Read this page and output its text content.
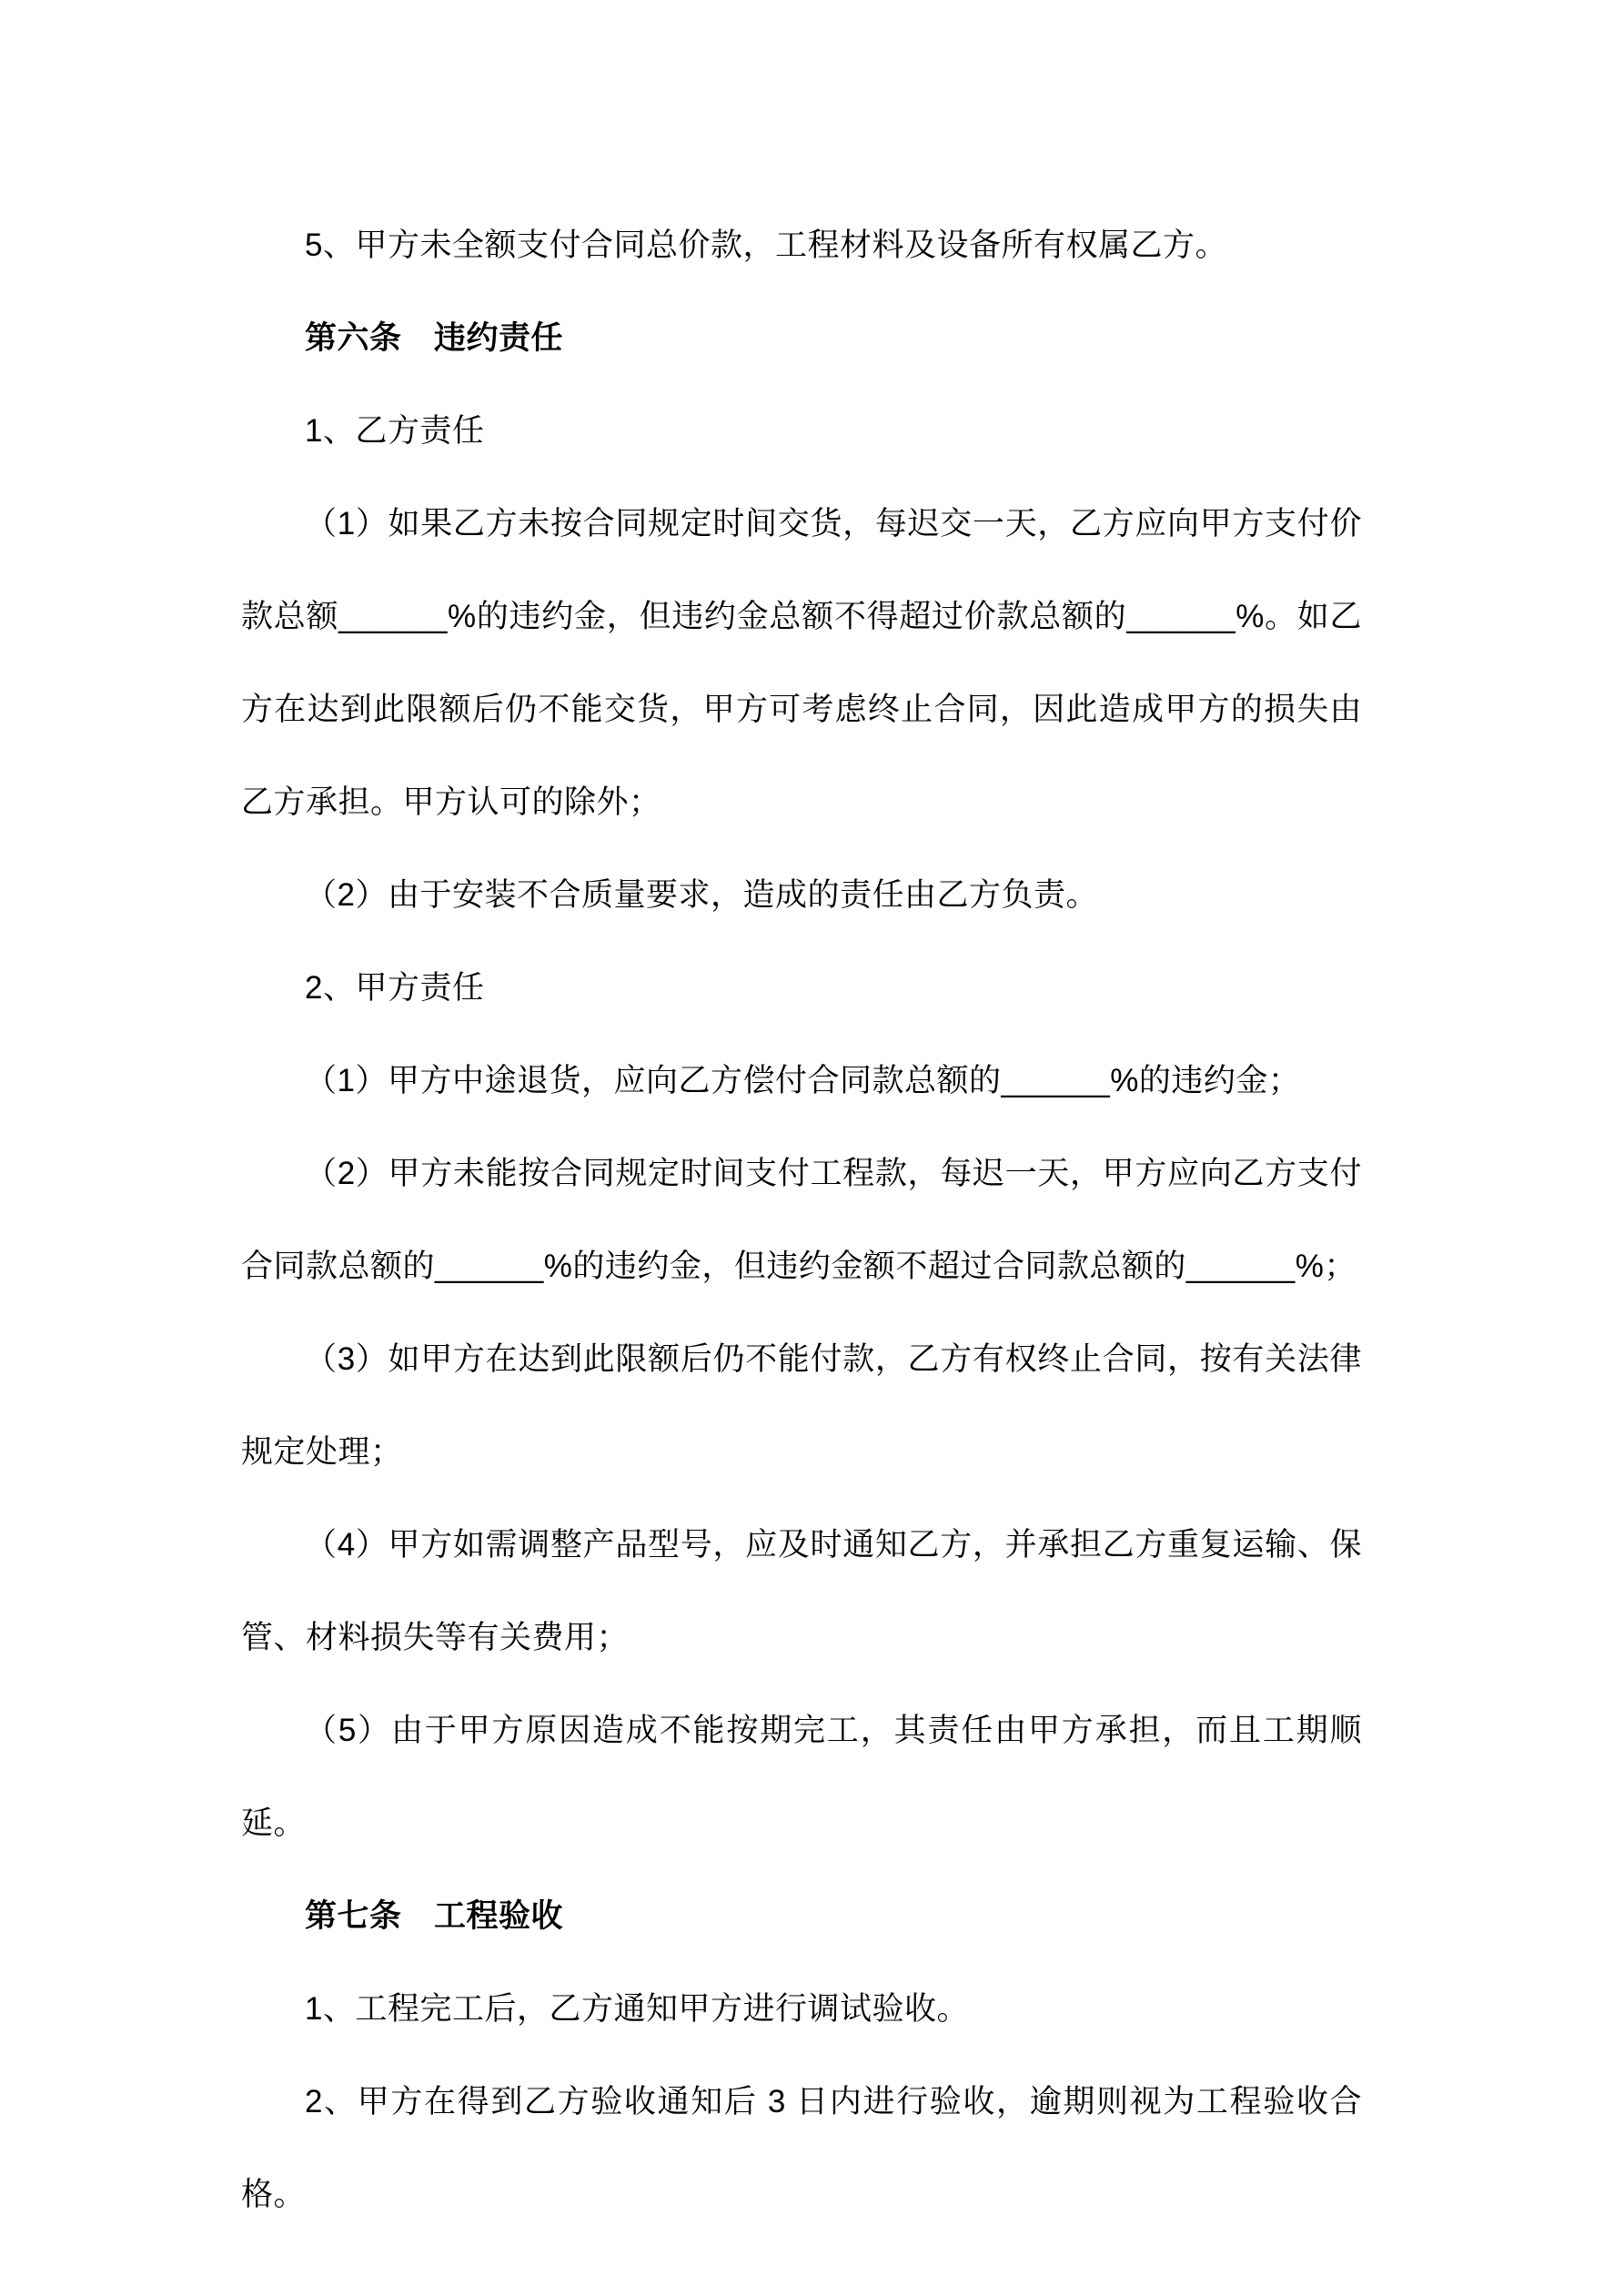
5、甲方未全额支付合同总价款，工程材料及设备所有权属乙方。

第六条　违约责任

1、乙方责任

（1）如果乙方未按合同规定时间交货，每迟交一天，乙方应向甲方支付价款总额______%的违约金，但违约金总额不得超过价款总额的______%。如乙方在达到此限额后仍不能交货，甲方可考虑终止合同，因此造成甲方的损失由乙方承担。甲方认可的除外；

（2）由于安装不合质量要求，造成的责任由乙方负责。

2、甲方责任

（1）甲方中途退货，应向乙方偿付合同款总额的______%的违约金；

（2）甲方未能按合同规定时间支付工程款，每迟一天，甲方应向乙方支付合同款总额的______%的违约金，但违约金额不超过合同款总额的______%；

（3）如甲方在达到此限额后仍不能付款，乙方有权终止合同，按有关法律规定处理；

（4）甲方如需调整产品型号，应及时通知乙方，并承担乙方重复运输、保管、材料损失等有关费用；

（5）由于甲方原因造成不能按期完工，其责任由甲方承担，而且工期顺延。

第七条　工程验收

1、工程完工后，乙方通知甲方进行调试验收。

2、甲方在得到乙方验收通知后 3 日内进行验收，逾期则视为工程验收合格。
